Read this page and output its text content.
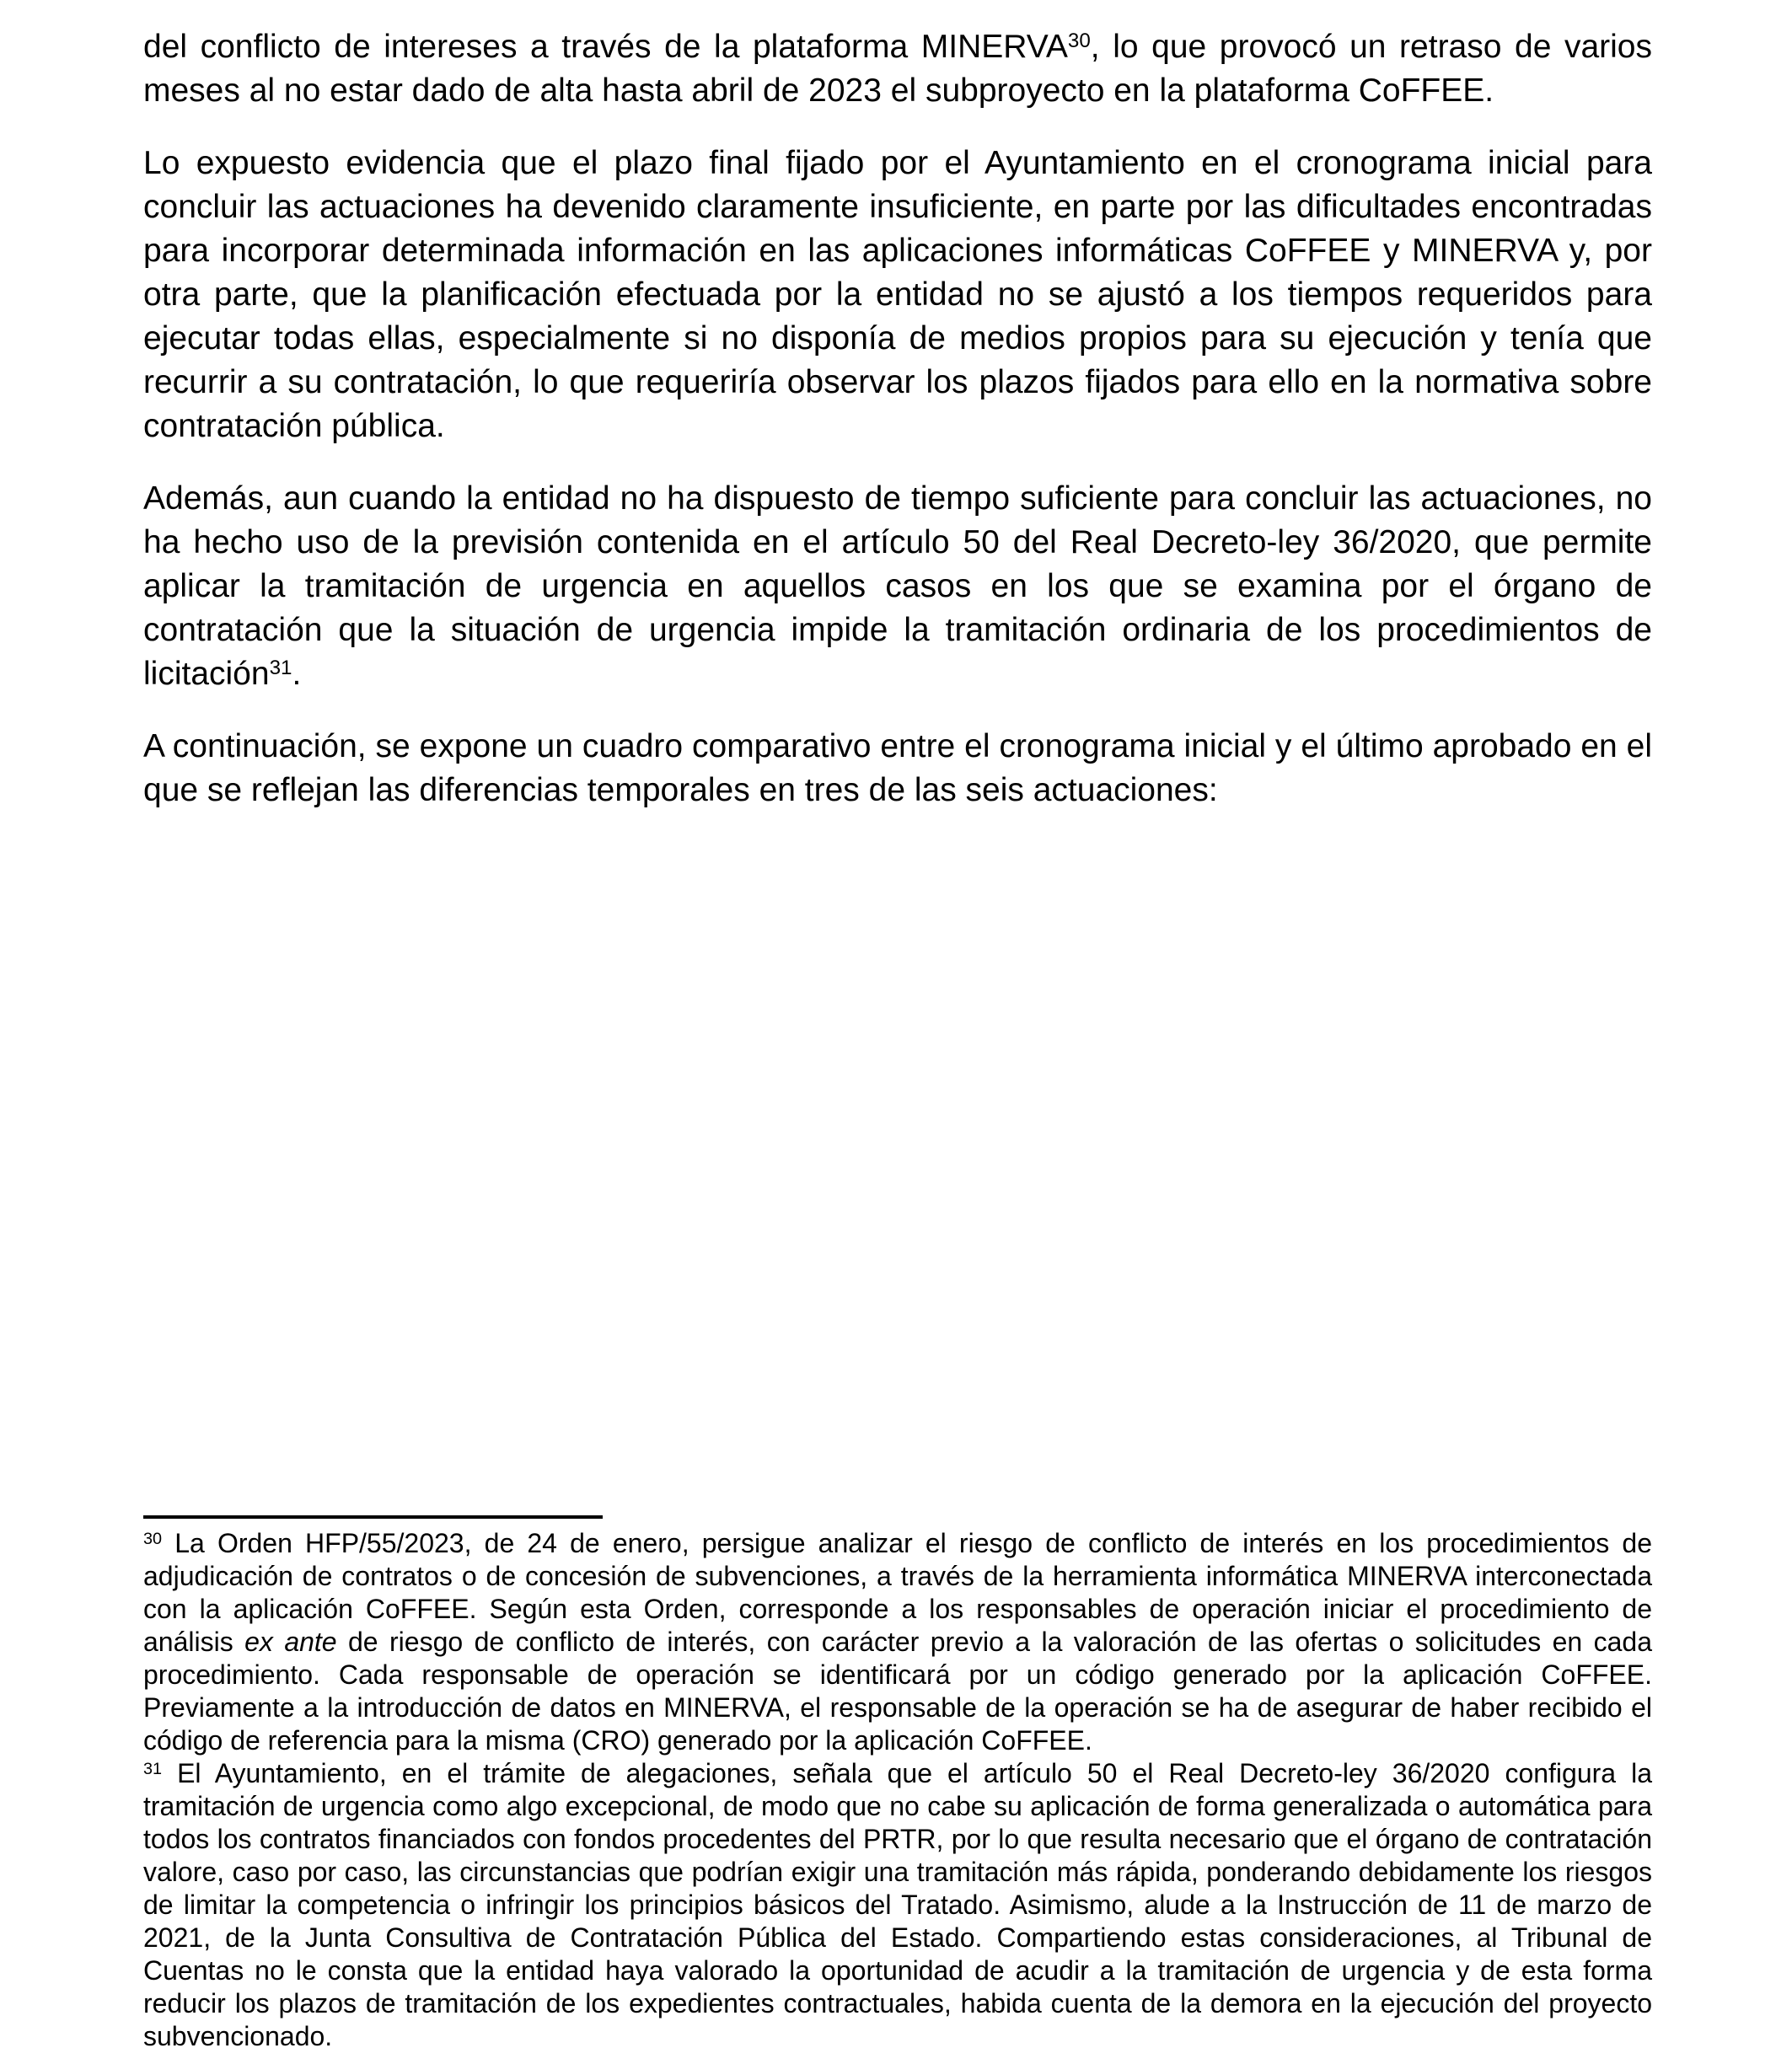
del conflicto de intereses a través de la plataforma MINERVA$^{30}$, lo que provocó un retraso de varios meses al no estar dado de alta hasta abril de 2023 el subproyecto en la plataforma CoFFEE.

Lo expuesto evidencia que el plazo final fijado por el Ayuntamiento en el cronograma inicial para concluir las actuaciones ha devenido claramente insuficiente, en parte por las dificultades encontradas para incorporar determinada información en las aplicaciones informáticas CoFFEE y MINERVA y, por otra parte, que la planificación efectuada por la entidad no se ajustó a los tiempos requeridos para ejecutar todas ellas, especialmente si no disponía de medios propios para su ejecución y tenía que recurrir a su contratación, lo que requeriría observar los plazos fijados para ello en la normativa sobre contratación pública.

Además, aun cuando la entidad no ha dispuesto de tiempo suficiente para concluir las actuaciones, no ha hecho uso de la previsión contenida en el artículo 50 del Real Decreto-ley 36/2020, que permite aplicar la tramitación de urgencia en aquellos casos en los que se examina por el órgano de contratación que la situación de urgencia impide la tramitación ordinaria de los procedimientos de licitación$^{31}$.

A continuación, se expone un cuadro comparativo entre el cronograma inicial y el último aprobado en el que se reflejan las diferencias temporales en tres de las seis actuaciones:

$^{30}$ La Orden HFP/55/2023, de 24 de enero, persigue analizar el riesgo de conflicto de interés en los procedimientos de adjudicación de contratos o de concesión de subvenciones, a través de la herramienta informática MINERVA interconectada con la aplicación CoFFEE. Según esta Orden, corresponde a los responsables de operación iniciar el procedimiento de análisis ex ante de riesgo de conflicto de interés, con carácter previo a la valoración de las ofertas o solicitudes en cada procedimiento. Cada responsable de operación se identificará por un código generado por la aplicación CoFFEE. Previamente a la introducción de datos en MINERVA, el responsable de la operación se ha de asegurar de haber recibido el código de referencia para la misma (CRO) generado por la aplicación CoFFEE.
$^{31}$ El Ayuntamiento, en el trámite de alegaciones, señala que el artículo 50 el Real Decreto-ley 36/2020 configura la tramitación de urgencia como algo excepcional, de modo que no cabe su aplicación de forma generalizada o automática para todos los contratos financiados con fondos procedentes del PRTR, por lo que resulta necesario que el órgano de contratación valore, caso por caso, las circunstancias que podrían exigir una tramitación más rápida, ponderando debidamente los riesgos de limitar la competencia o infringir los principios básicos del Tratado. Asimismo, alude a la Instrucción de 11 de marzo de 2021, de la Junta Consultiva de Contratación Pública del Estado. Compartiendo estas consideraciones, al Tribunal de Cuentas no le consta que la entidad haya valorado la oportunidad de acudir a la tramitación de urgencia y de esta forma reducir los plazos de tramitación de los expedientes contractuales, habida cuenta de la demora en la ejecución del proyecto subvencionado.
